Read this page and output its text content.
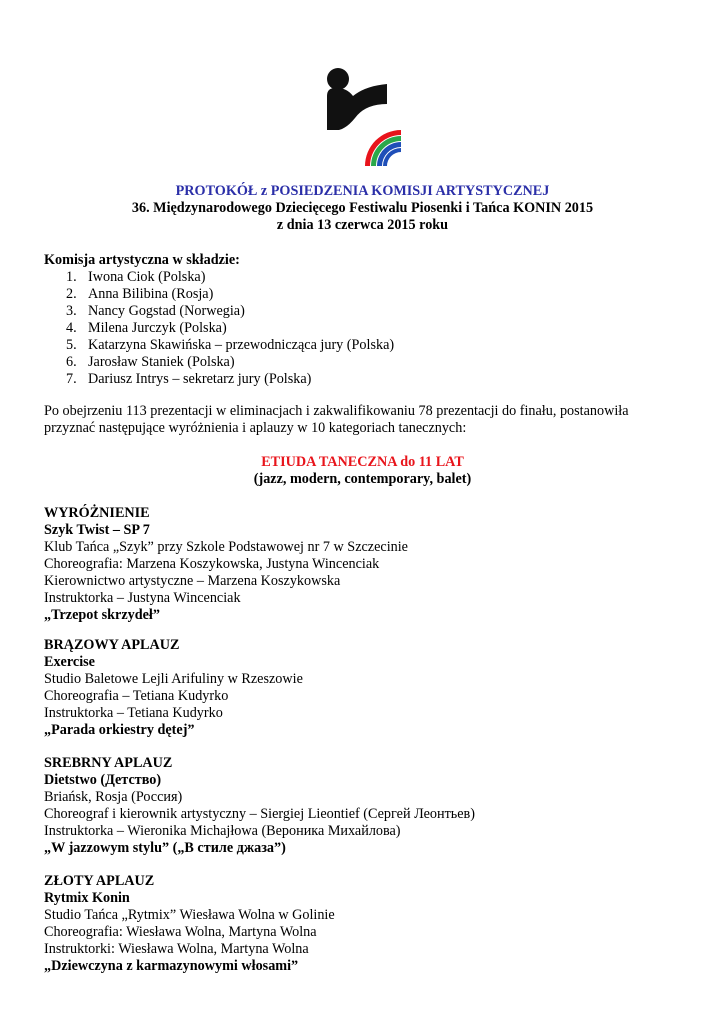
PROTOKÓŁ z POSIEDZENIA KOMISJI ARTYSTYCZNEJ
36. Międzynarodowego Dziecięcego Festiwalu Piosenki i Tańca KONIN 2015
z dnia 13 czerwca 2015 roku
Komisja artystyczna w składzie:
1. Iwona Ciok (Polska)
2. Anna Bilibina (Rosja)
3. Nancy Gogstad (Norwegia)
4. Milena Jurczyk (Polska)
5. Katarzyna Skawińska – przewodnicząca jury (Polska)
6. Jarosław Staniek (Polska)
7. Dariusz Intrys – sekretarz jury (Polska)
Po obejrzeniu 113 prezentacji w eliminacjach i zakwalifikowaniu 78 prezentacji do finału, postanowiła
przyznać następujące wyróżnienia i aplauzy w 10 kategoriach tanecznych:
ETIUDA TANECZNA do 11 LAT
(jazz, modern, contemporary, balet)
WYRÓŻNIENIE
Szyk Twist – SP 7
Klub Tańca „Szyk” przy Szkole Podstawowej nr 7 w Szczecinie
Choreografia: Marzena Koszykowska, Justyna Wincenciak
Kierownictwo artystyczne – Marzena Koszykowska
Instruktorka – Justyna Wincenciak
„Trzepot skrzydeł”
BRĄZOWY APLAUZ
Exercise
Studio Baletowe Lejli Arifuliny w Rzeszowie
Choreografia – Tetiana Kudyrko
Instruktorka – Tetiana Kudyrko
„Parada orkiestry dętej”
SREBRNY APLAUZ
Dietstwo (Детство)
Briańsk, Rosja (Россия)
Choreograf i kierownik artystyczny – Siergiej Lieontief (Сергей Леонтьев)
Instruktorka – Wieronika Michajłowa (Вероника Михайлова)
„W jazzowym stylu” („В стиле джаза”)
ZŁOTY APLAUZ
Rytmix Konin
Studio Tańca „Rytmix” Wiesława Wolna w Golinie
Choreografia: Wiesława Wolna, Martyna Wolna
Instruktorki: Wiesława Wolna, Martyna Wolna
„Dziewczyna z karmazynowymi włosami”
